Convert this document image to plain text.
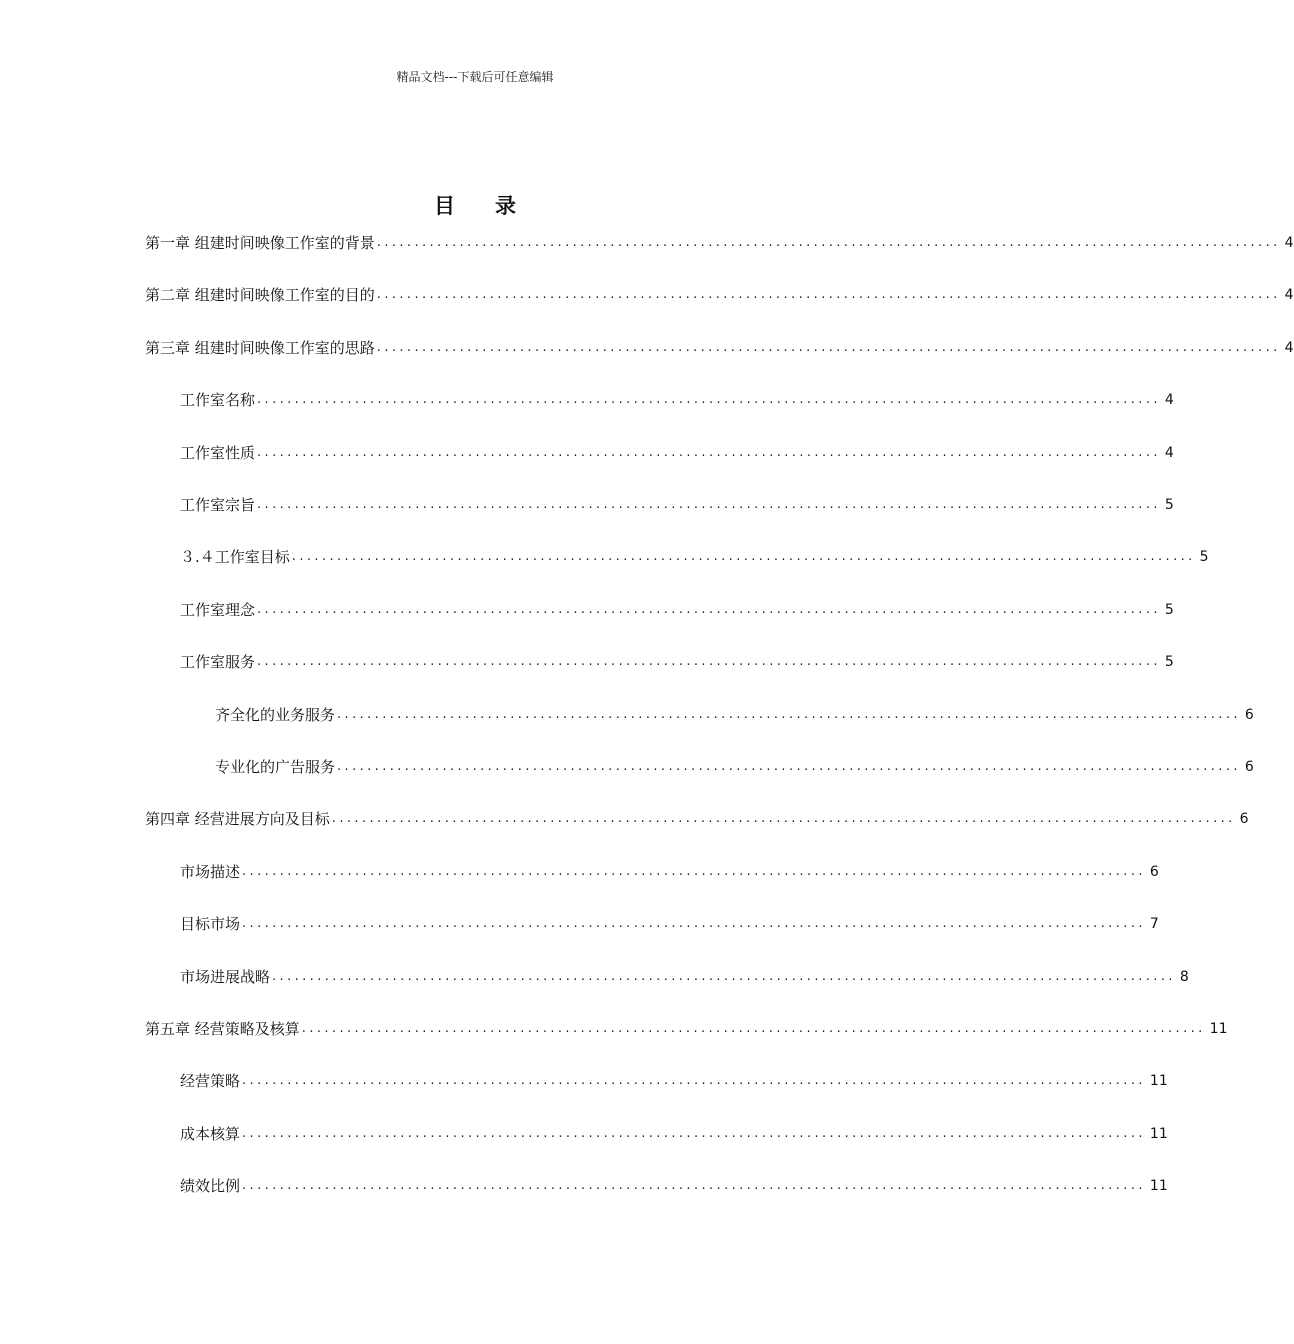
精品文档---下载后可任意编辑
目录
第一章 组建时间映像工作室的背景 ........................................................................................................................ 4
第二章 组建时间映像工作室的目的 ........................................................................................................................ 4
第三章 组建时间映像工作室的思路 ........................................................................................................................ 4
工作室名称 ........................................................................................................................ 4
工作室性质 ........................................................................................................................ 4
工作室宗旨 ........................................................................................................................ 5
３.４工作室目标 ........................................................................................................................ 5
工作室理念 ........................................................................................................................ 5
工作室服务 ........................................................................................................................ 5
齐全化的业务服务 ........................................................................................................................ 6
专业化的广告服务 ........................................................................................................................ 6
第四章 经营进展方向及目标 ........................................................................................................................ 6
市场描述 ........................................................................................................................ 6
目标市场 ........................................................................................................................ 7
市场进展战略 ........................................................................................................................ 8
第五章 经营策略及核算 ........................................................................................................................ 11
经营策略 ........................................................................................................................ 11
成本核算 ........................................................................................................................ 11
绩效比例 ........................................................................................................................ 11
